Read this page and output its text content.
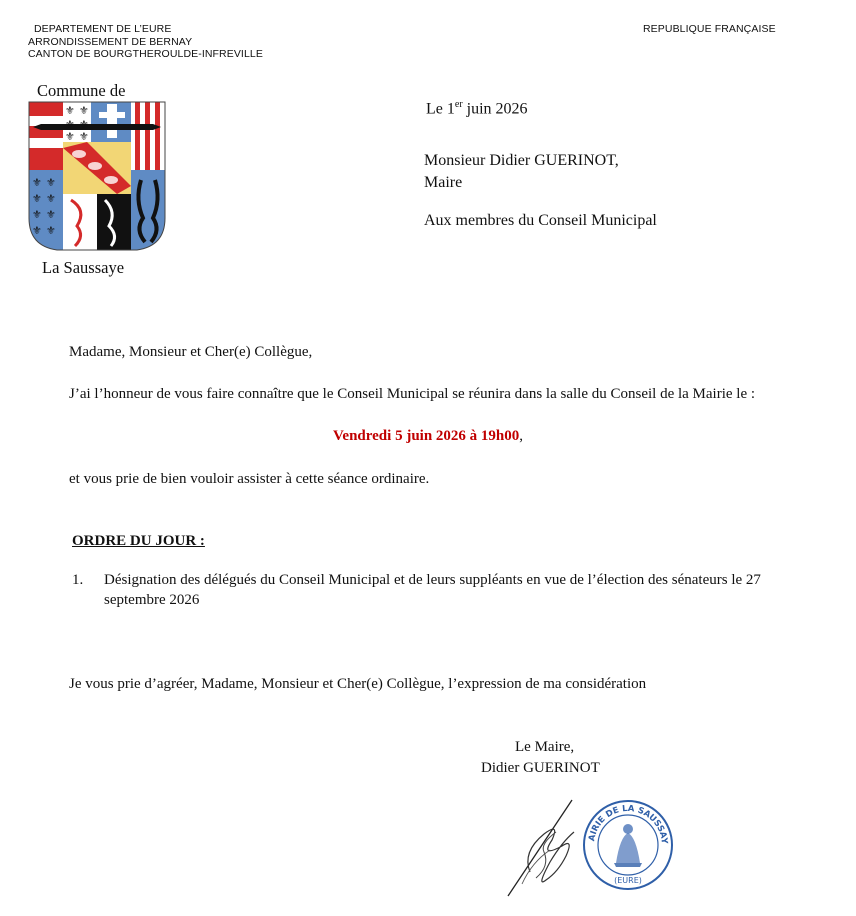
DEPARTEMENT DE L’EURE
ARRONDISSEMENT DE BERNAY
CANTON DE BOURGTHEROULDE-INFREVILLE
REPUBLIQUE FRANÇAISE
Commune de
⚜ ⚜
⚜ ⚜
⚜ ⚜
⚜ ⚜
⚜ ⚜
⚜ ⚜
⚜ ⚜
La Saussaye
Le 1er juin 2026
Monsieur Didier GUERINOT,
Maire
Aux membres du Conseil Municipal
Madame, Monsieur et Cher(e) Collègue,
J’ai l’honneur de vous faire connaître que le Conseil Municipal se réunira dans la salle du Conseil de la Mairie le :
Vendredi 5 juin 2026 à 19h00,
et vous prie de bien vouloir assister à cette séance ordinaire.
ORDRE DU JOUR :
1. Désignation des délégués du Conseil Municipal et de leurs suppléants en vue de l’élection des sénateurs le 27 septembre 2026
Je vous prie d’agréer, Madame, Monsieur et Cher(e) Collègue, l’expression de ma considération
Le Maire,
Didier GUERINOT
AIRIE DE LA SAUSSAY
(EURE)
